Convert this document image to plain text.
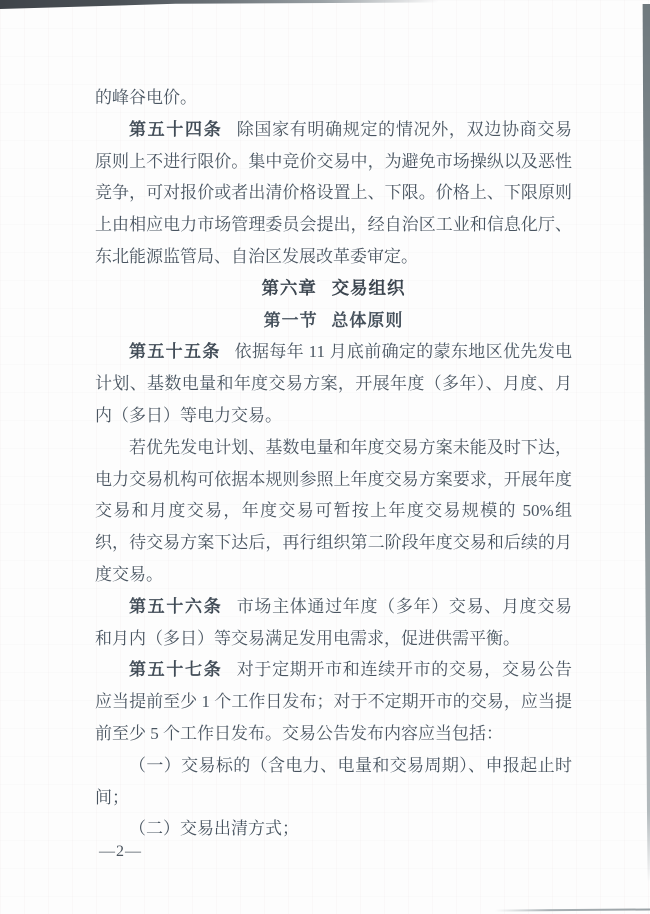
的峰谷电价。

第五十四条 除国家有明确规定的情况外，双边协商交易原则上不进行限价。集中竞价交易中，为避免市场操纵以及恶性竞争，可对报价或者出清价格设置上、下限。价格上、下限原则上由相应电力市场管理委员会提出，经自治区工业和信息化厅、东北能源监管局、自治区发展改革委审定。

第六章 交易组织

第一节 总体原则

第五十五条 依据每年 11 月底前确定的蒙东地区优先发电计划、基数电量和年度交易方案，开展年度（多年）、月度、月内（多日）等电力交易。

若优先发电计划、基数电量和年度交易方案未能及时下达，电力交易机构可依据本规则参照上年度交易方案要求，开展年度交易和月度交易，年度交易可暂按上年度交易规模的 50%组织，待交易方案下达后，再行组织第二阶段年度交易和后续的月度交易。

第五十六条 市场主体通过年度（多年）交易、月度交易和月内（多日）等交易满足发用电需求，促进供需平衡。

第五十七条 对于定期开市和连续开市的交易，交易公告应当提前至少 1 个工作日发布；对于不定期开市的交易，应当提前至少 5 个工作日发布。交易公告发布内容应当包括：

（一）交易标的（含电力、电量和交易周期）、申报起止时间；

（二）交易出清方式；

—2—
